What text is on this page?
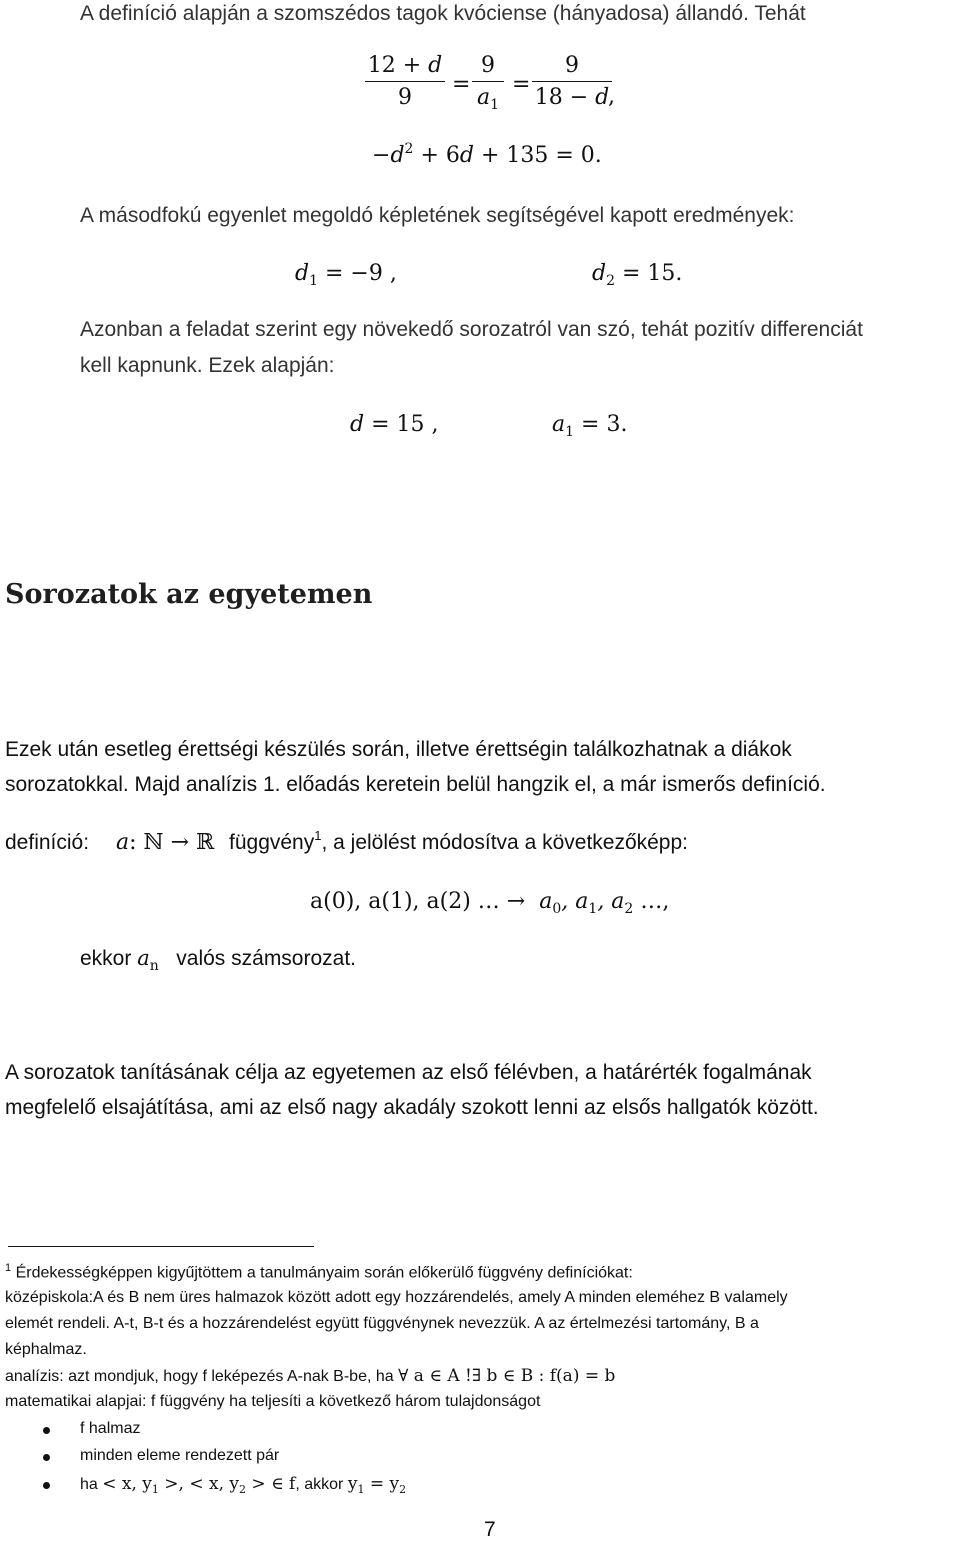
A definíció alapján a szomszédos tagok kvóciense (hányadosa) állandó. Tehát
12 + d
9
=
9
$a_1$
=
9
18 − d
,
$-d^2 + 6d + 135 = 0$.
A másodfokú egyenlet megoldó képletének segítségével kapott eredmények:
$d_1 = -9$ ,	$d_2 = 15$.
Azonban a feladat szerint egy növekedő sorozatról van szó, tehát pozitív differenciát
kell kapnunk. Ezek alapján:
d = 15 ,	$a_1 = 3$.
Sorozatok az egyetemen
Ezek után esetleg érettségi készülés során, illetve érettségin találkozhatnak a diákok
sorozatokkal. Majd analízis 1. előadás keretein belül hangzik el, a már ismerős definíció.
definíció: a: ℕ → ℝ függvény$^1$, a jelölést módosítva a következőképp:
a(0), a(1), a(2) … → $a_0$, $a_1$, $a_2$ …,
ekkor $a_n$ valós számsorozat.
A sorozatok tanításának célja az egyetemen az első félévben, a határérték fogalmának
megfelelő elsajátítása, ami az első nagy akadály szokott lenni az elsős hallgatók között.
$^1$ Érdekességképpen kigyűjtöttem a tanulmányaim során előkerülő függvény definíciókat:
középiskola:A és B nem üres halmazok között adott egy hozzárendelés, amely A minden eleméhez B valamely
elemét rendeli. A-t, B-t és a hozzárendelést együtt függvénynek nevezzük. A az értelmezési tartomány, B a
képhalmaz.
analízis: azt mondjuk, hogy f leképezés A-nak B-be, ha ∀ a ∈ A !∃ b ∈ B : f(a) = b
matematikai alapjai: f függvény ha teljesíti a következő három tulajdonságot
f halmaz
minden eleme rendezett pár
ha < x, $y_1$ >, < x, $y_2$ > ∈ f, akkor $y_1 = y_2$
7
